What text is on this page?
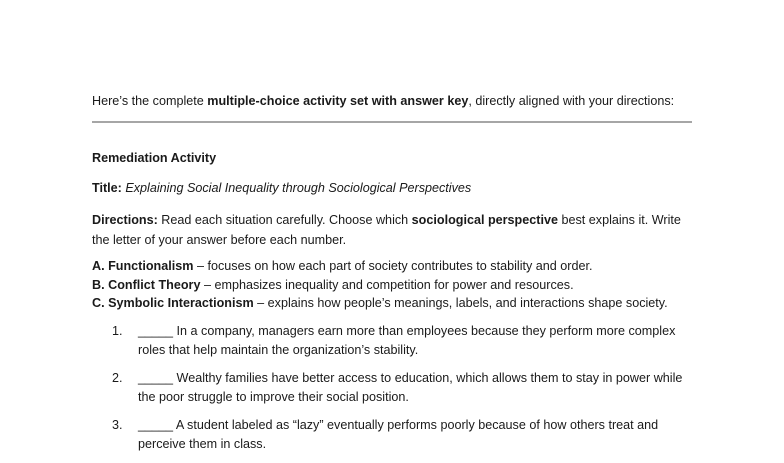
Here’s the complete multiple-choice activity set with answer key, directly aligned with your directions:
Remediation Activity
Title: Explaining Social Inequality through Sociological Perspectives
Directions: Read each situation carefully. Choose which sociological perspective best explains it. Write the letter of your answer before each number.
A. Functionalism – focuses on how each part of society contributes to stability and order.
B. Conflict Theory – emphasizes inequality and competition for power and resources.
C. Symbolic Interactionism – explains how people’s meanings, labels, and interactions shape society.
1. _____ In a company, managers earn more than employees because they perform more complex roles that help maintain the organization’s stability.
2. _____ Wealthy families have better access to education, which allows them to stay in power while the poor struggle to improve their social position.
3. _____ A student labeled as “lazy” eventually performs poorly because of how others treat and perceive them in class.
